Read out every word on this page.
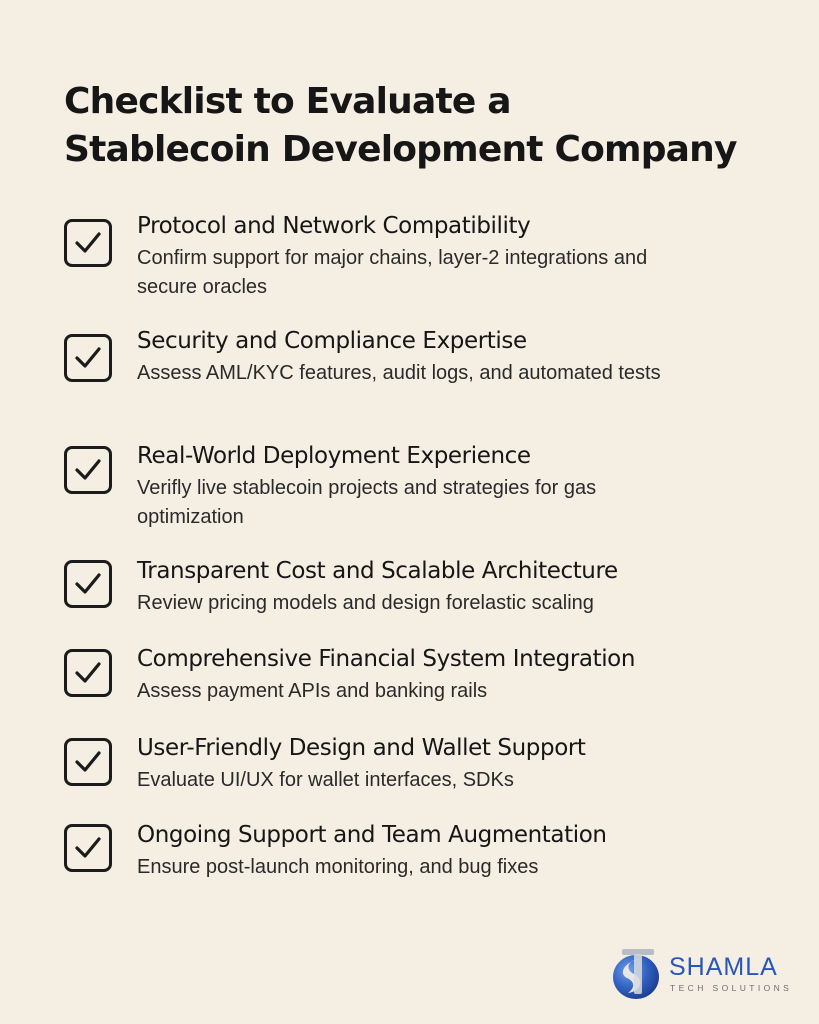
Checklist to Evaluate a
Stablecoin Development Company
Protocol and Network Compatibility
Confirm support for major chains, layer-2 integrations and secure oracles
Security and Compliance Expertise
Assess AML/KYC features, audit logs, and automated tests
Real-World Deployment Experience
Verifly live stablecoin projects and strategies for gas optimization
Transparent Cost and Scalable Architecture
Review pricing models and design forelastic scaling
Comprehensive Financial System Integration
Assess payment APIs and banking rails
User-Friendly Design and Wallet Support
Evaluate UI/UX for wallet interfaces, SDKs
Ongoing Support and Team Augmentation
Ensure post-launch monitoring, and bug fixes
SHAMLA
TECH SOLUTIONS
